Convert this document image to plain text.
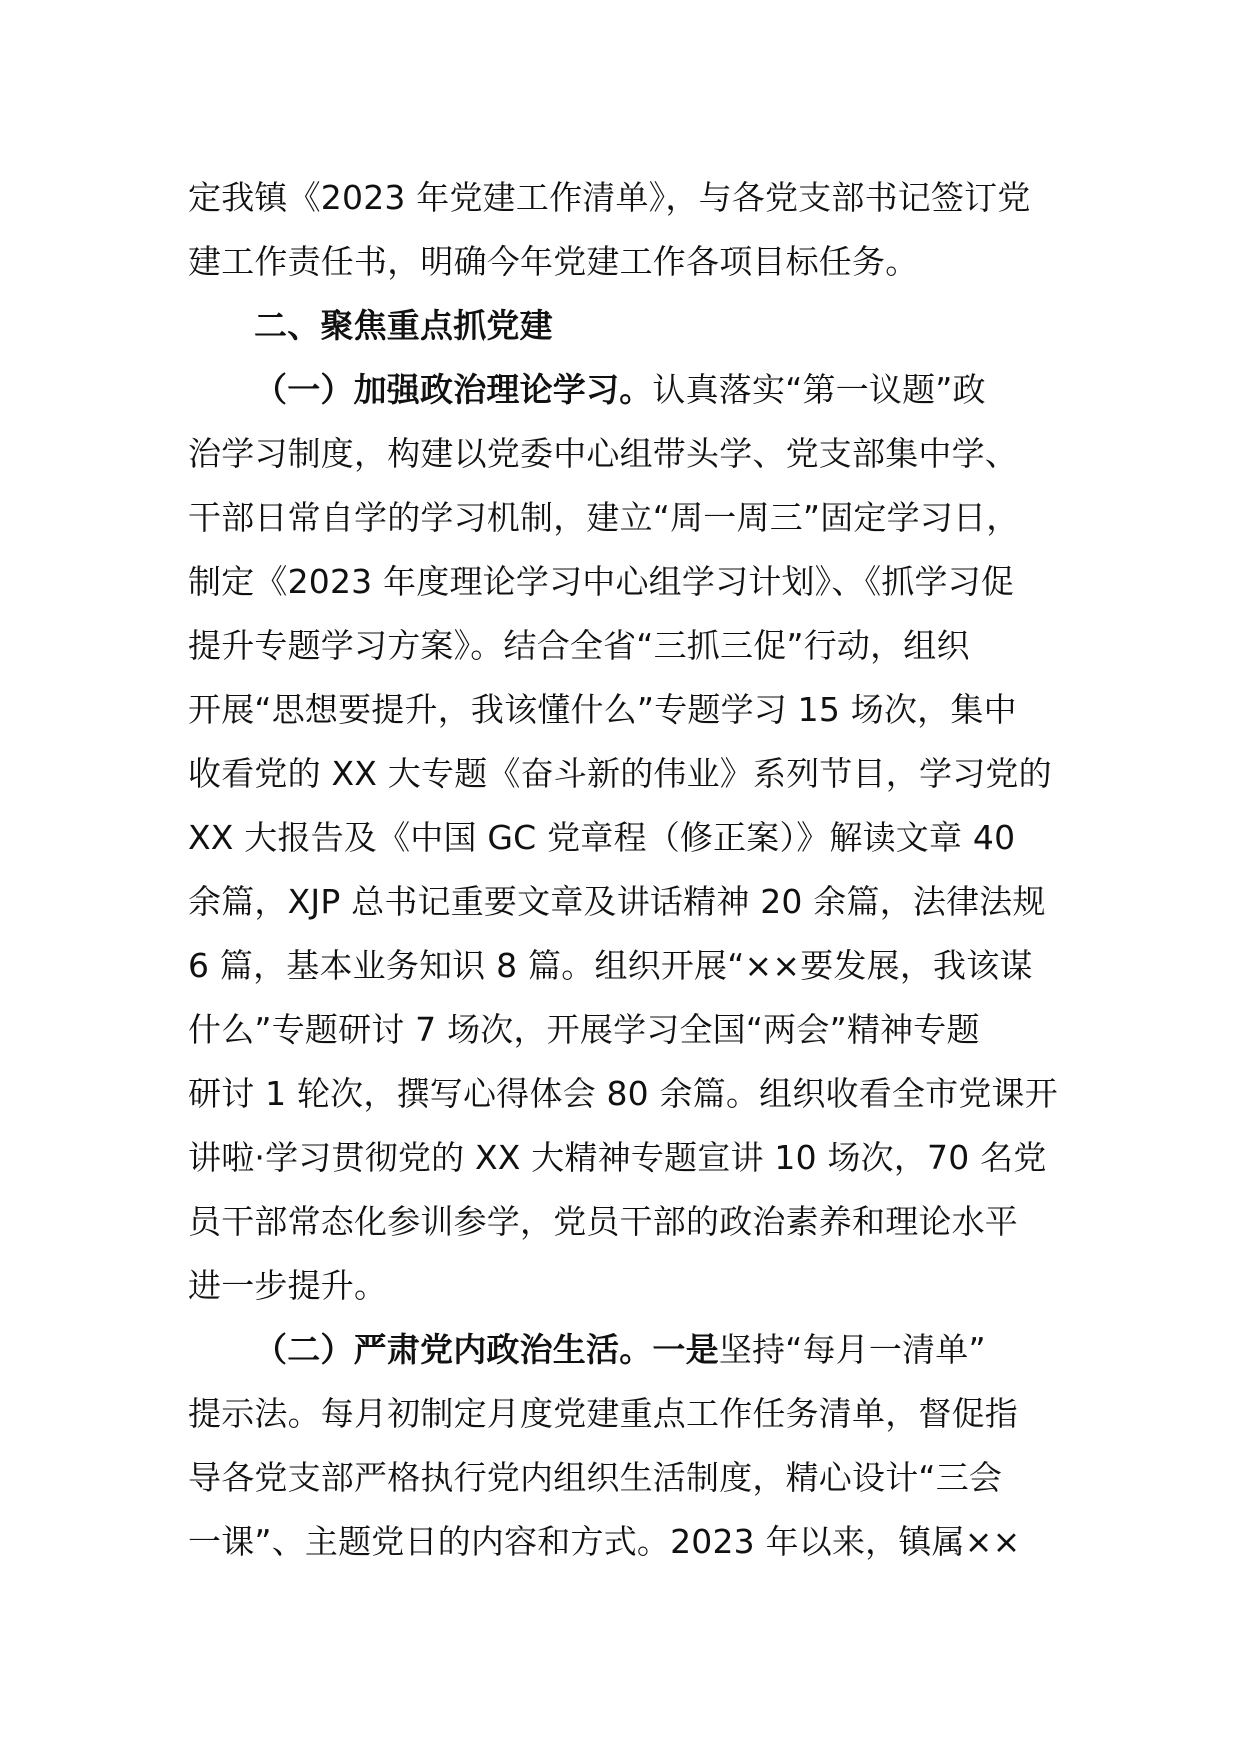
定我镇《2023 年党建工作清单》，与各党支部书记签订党
建工作责任书，明确今年党建工作各项目标任务。
二、聚焦重点抓党建
（一）加强政治理论学习。认真落实“第一议题”政
治学习制度，构建以党委中心组带头学、党支部集中学、
干部日常自学的学习机制，建立“周一周三”固定学习日，
制定《2023 年度理论学习中心组学习计划》、《抓学习促
提升专题学习方案》。结合全省“三抓三促”行动，组织
开展“思想要提升，我该懂什么”专题学习 15 场次，集中
收看党的 XX 大专题《奋斗新的伟业》系列节目，学习党的
XX 大报告及《中国 GC 党章程（修正案）》解读文章 40
余篇，XJP 总书记重要文章及讲话精神 20 余篇，法律法规
6 篇，基本业务知识 8 篇。组织开展“××要发展，我该谋
什么”专题研讨 7 场次，开展学习全国“两会”精神专题
研讨 1 轮次，撰写心得体会 80 余篇。组织收看全市党课开
讲啦·学习贯彻党的 XX 大精神专题宣讲 10 场次，70 名党
员干部常态化参训参学，党员干部的政治素养和理论水平
进一步提升。
（二）严肃党内政治生活。一是坚持“每月一清单”
提示法。每月初制定月度党建重点工作任务清单，督促指
导各党支部严格执行党内组织生活制度，精心设计“三会
一课”、主题党日的内容和方式。2023 年以来，镇属××
